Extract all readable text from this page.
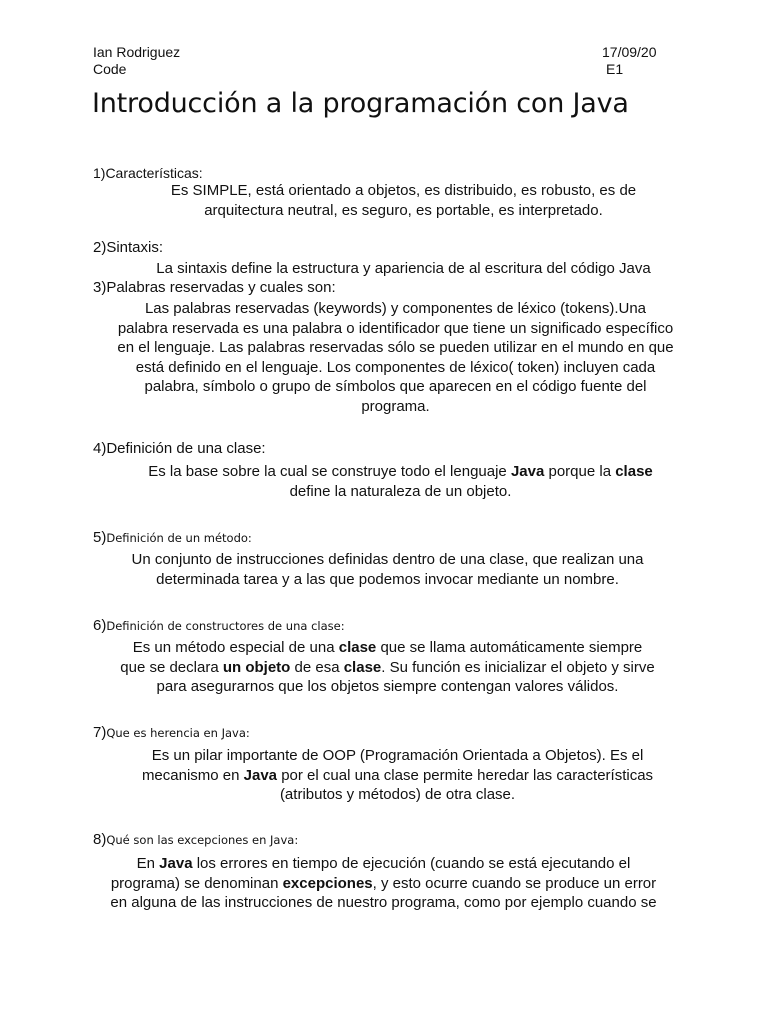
Ian Rodriguez	17/09/20
Code	E1
Introducción a la programación con Java
1)Características:
Es SIMPLE, está orientado a objetos, es distribuido, es robusto, es de
arquitectura neutral, es seguro, es portable, es interpretado.
2)Sintaxis:
La sintaxis define la estructura y apariencia de al escritura del código Java
3)Palabras reservadas y cuales son:
Las palabras reservadas (keywords) y componentes de léxico (tokens).Una
palabra reservada es una palabra o identificador que tiene un significado específico
en el lenguaje. Las palabras reservadas sólo se pueden utilizar en el mundo en que
está definido en el lenguaje. Los componentes de léxico( token) incluyen cada
palabra, símbolo o grupo de símbolos que aparecen en el código fuente del
programa.
4)Definición de una clase:
Es la base sobre la cual se construye todo el lenguaje Java porque la clase
define la naturaleza de un objeto.
5)Definición de un método:
Un conjunto de instrucciones definidas dentro de una clase, que realizan una
determinada tarea y a las que podemos invocar mediante un nombre.
6)Definición de constructores de una clase:
Es un método especial de una clase que se llama automáticamente siempre
que se declara un objeto de esa clase. Su función es inicializar el objeto y sirve
para asegurarnos que los objetos siempre contengan valores válidos.
7)Que es herencia en Java:
Es un pilar importante de OOP (Programación Orientada a Objetos). Es el
mecanismo en Java por el cual una clase permite heredar las características
(atributos y métodos) de otra clase.
8)Qué son las excepciones en Java:
En Java los errores en tiempo de ejecución (cuando se está ejecutando el
programa) se denominan excepciones, y esto ocurre cuando se produce un error
en alguna de las instrucciones de nuestro programa, como por ejemplo cuando se
